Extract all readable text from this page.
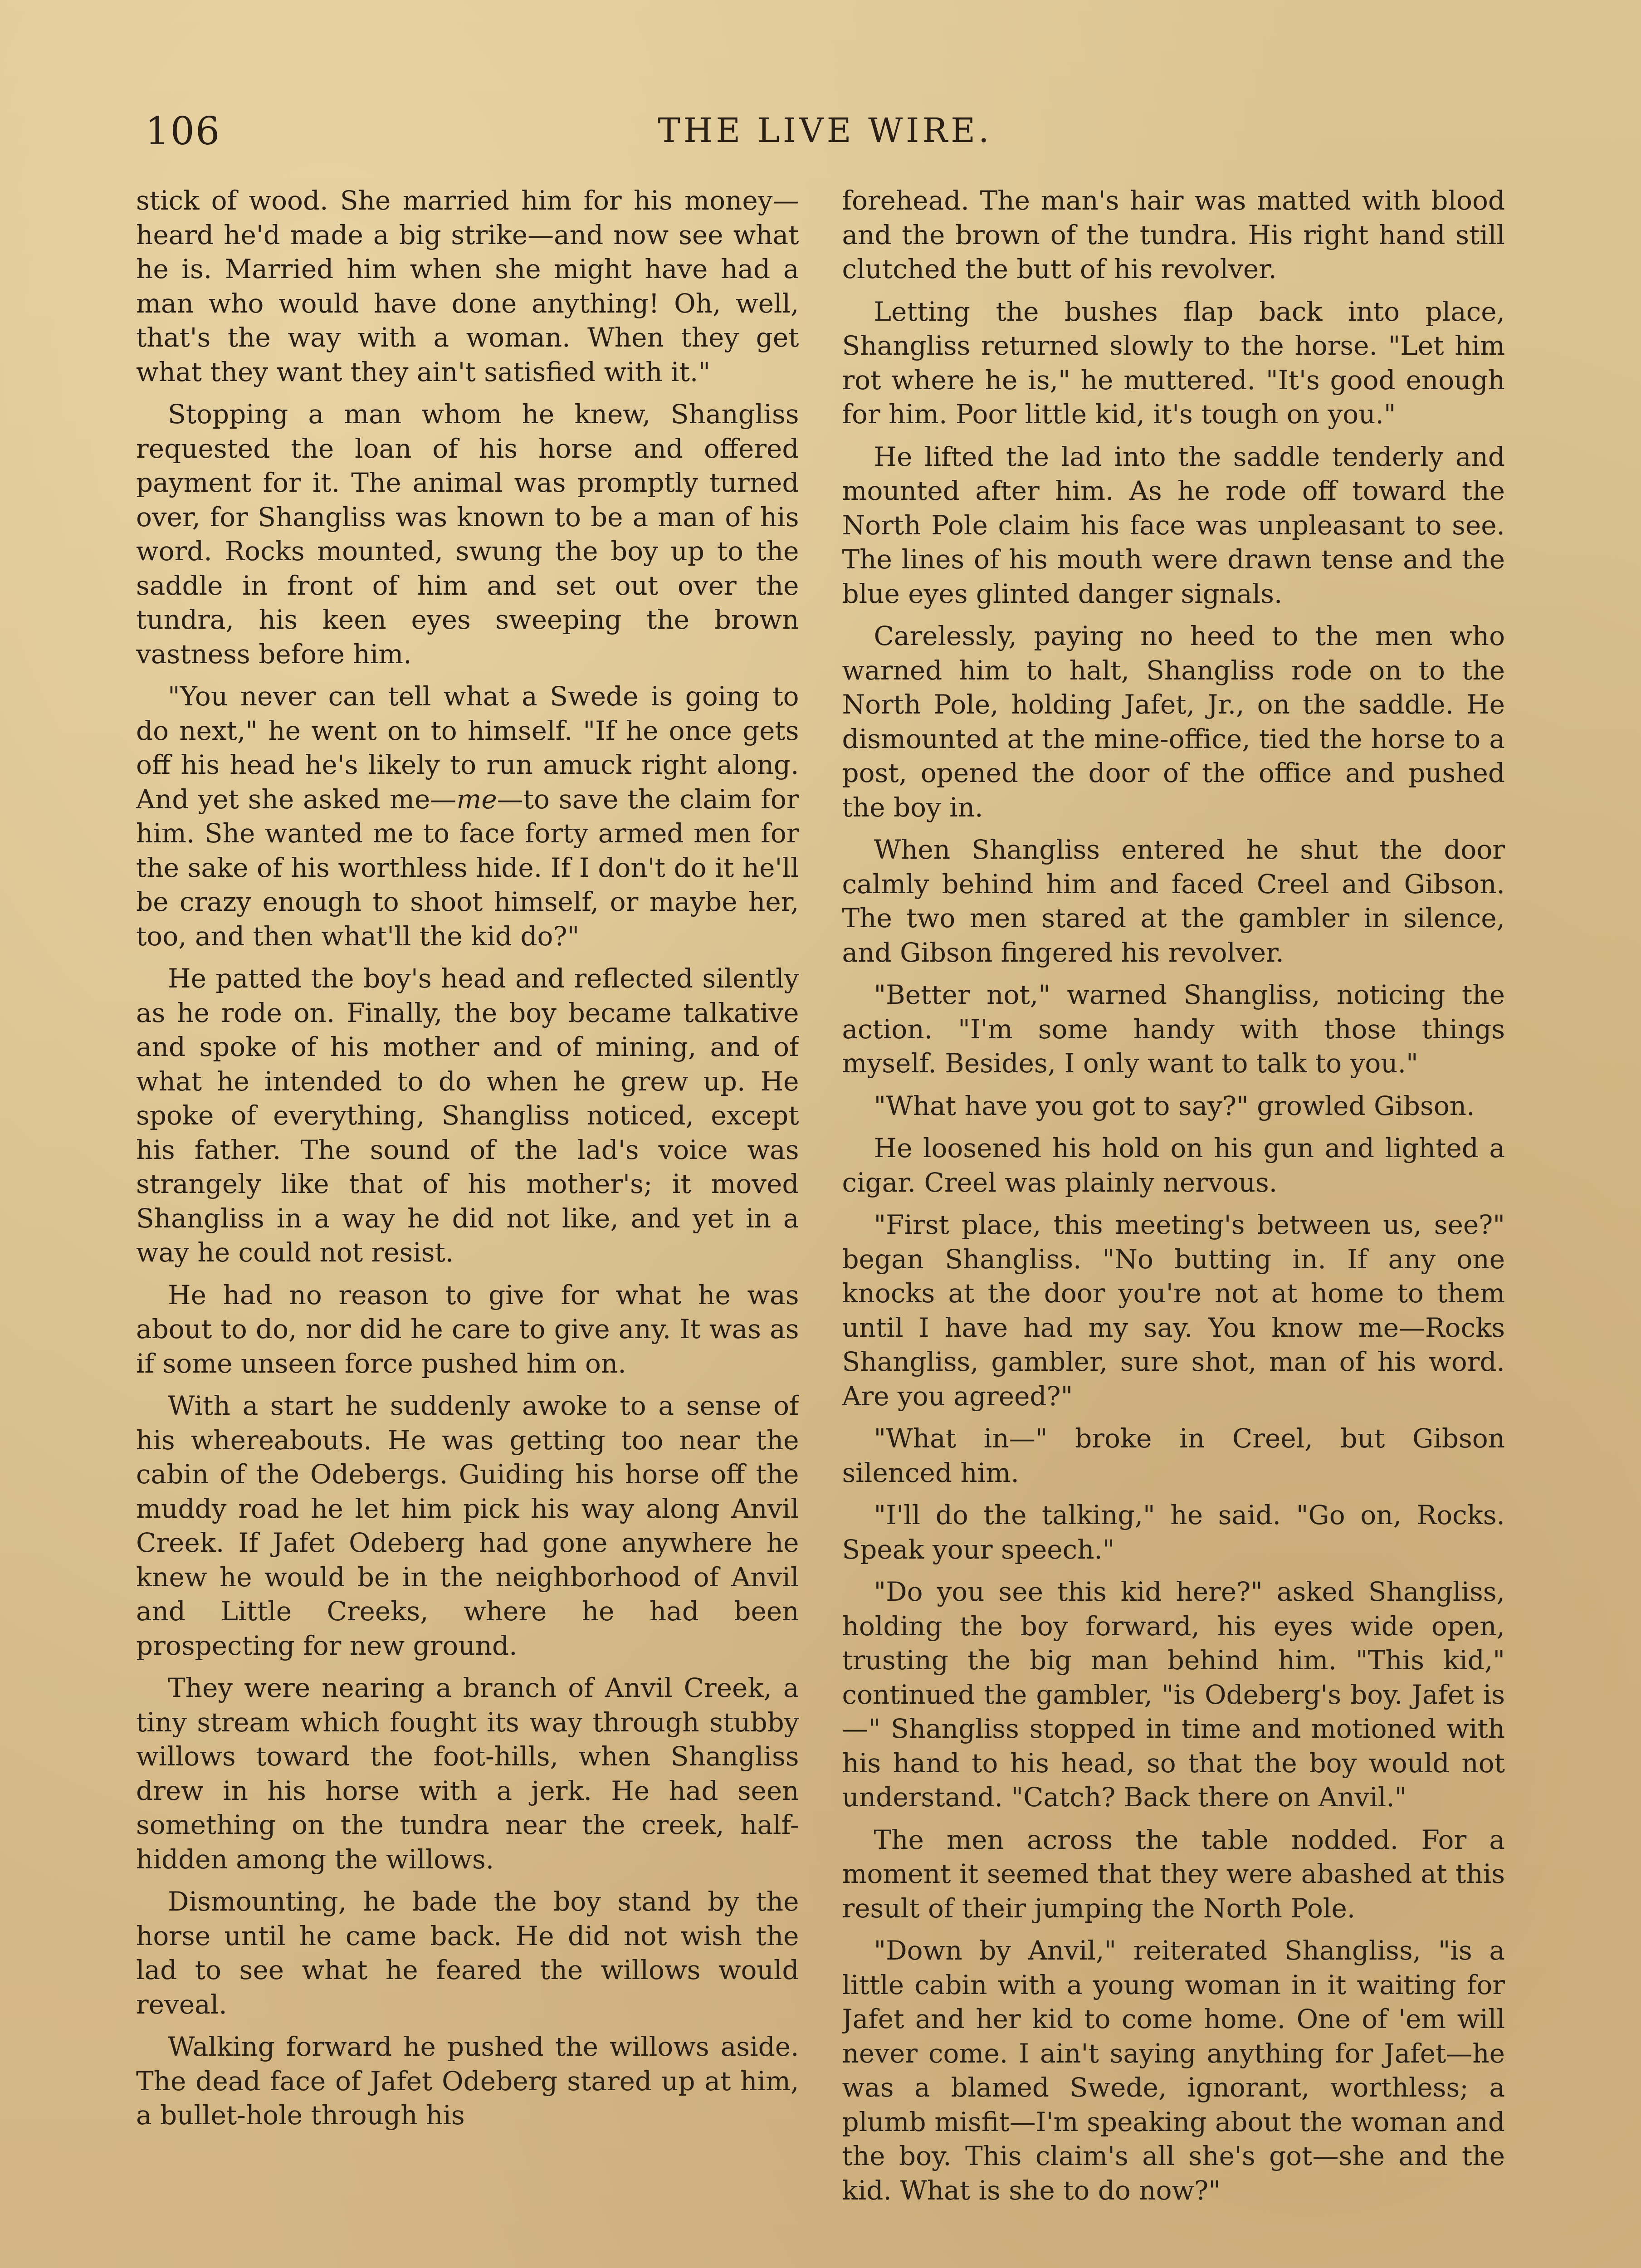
106	THE LIVE WIRE.

stick of wood. She married him for his money—heard he'd made a big strike—and now see what he is. Married him when she might have had a man who would have done anything! Oh, well, that's the way with a woman. When they get what they want they ain't satisfied with it."

Stopping a man whom he knew, Shangliss requested the loan of his horse and offered payment for it. The animal was promptly turned over, for Shangliss was known to be a man of his word. Rocks mounted, swung the boy up to the saddle in front of him and set out over the tundra, his keen eyes sweeping the brown vastness before him.

"You never can tell what a Swede is going to do next," he went on to himself. "If he once gets off his head he's likely to run amuck right along. And yet she asked me—me—to save the claim for him. She wanted me to face forty armed men for the sake of his worthless hide. If I don't do it he'll be crazy enough to shoot himself, or maybe her, too, and then what'll the kid do?"

He patted the boy's head and reflected silently as he rode on. Finally, the boy became talkative and spoke of his mother and of mining, and of what he intended to do when he grew up. He spoke of everything, Shangliss noticed, except his father. The sound of the lad's voice was strangely like that of his mother's; it moved Shangliss in a way he did not like, and yet in a way he could not resist.

He had no reason to give for what he was about to do, nor did he care to give any. It was as if some unseen force pushed him on.

With a start he suddenly awoke to a sense of his whereabouts. He was getting too near the cabin of the Odebergs. Guiding his horse off the muddy road he let him pick his way along Anvil Creek. If Jafet Odeberg had gone anywhere he knew he would be in the neighborhood of Anvil and Little Creeks, where he had been prospecting for new ground.

They were nearing a branch of Anvil Creek, a tiny stream which fought its way through stubby willows toward the foot-hills, when Shangliss drew in his horse with a jerk. He had seen something on the tundra near the creek, half-hidden among the willows.

Dismounting, he bade the boy stand by the horse until he came back. He did not wish the lad to see what he feared the willows would reveal.

Walking forward he pushed the willows aside. The dead face of Jafet Odeberg stared up at him, a bullet-hole through his

forehead. The man's hair was matted with blood and the brown of the tundra. His right hand still clutched the butt of his revolver.

Letting the bushes flap back into place, Shangliss returned slowly to the horse. "Let him rot where he is," he muttered. "It's good enough for him. Poor little kid, it's tough on you."

He lifted the lad into the saddle tenderly and mounted after him. As he rode off toward the North Pole claim his face was unpleasant to see. The lines of his mouth were drawn tense and the blue eyes glinted danger signals.

Carelessly, paying no heed to the men who warned him to halt, Shangliss rode on to the North Pole, holding Jafet, Jr., on the saddle. He dismounted at the mine-office, tied the horse to a post, opened the door of the office and pushed the boy in.

When Shangliss entered he shut the door calmly behind him and faced Creel and Gibson. The two men stared at the gambler in silence, and Gibson fingered his revolver.

"Better not," warned Shangliss, noticing the action. "I'm some handy with those things myself. Besides, I only want to talk to you."

"What have you got to say?" growled Gibson.

He loosened his hold on his gun and lighted a cigar. Creel was plainly nervous.

"First place, this meeting's between us, see?" began Shangliss. "No butting in. If any one knocks at the door you're not at home to them until I have had my say. You know me—Rocks Shangliss, gambler, sure shot, man of his word. Are you agreed?"

"What in—" broke in Creel, but Gibson silenced him.

"I'll do the talking," he said. "Go on, Rocks. Speak your speech."

"Do you see this kid here?" asked Shangliss, holding the boy forward, his eyes wide open, trusting the big man behind him. "This kid," continued the gambler, "is Odeberg's boy. Jafet is—" Shangliss stopped in time and motioned with his hand to his head, so that the boy would not understand. "Catch? Back there on Anvil."

The men across the table nodded. For a moment it seemed that they were abashed at this result of their jumping the North Pole.

"Down by Anvil," reiterated Shangliss, "is a little cabin with a young woman in it waiting for Jafet and her kid to come home. One of 'em will never come. I ain't saying anything for Jafet—he was a blamed Swede, ignorant, worthless; a plumb misfit—I'm speaking about the woman and the boy. This claim's all she's got—she and the kid. What is she to do now?"
